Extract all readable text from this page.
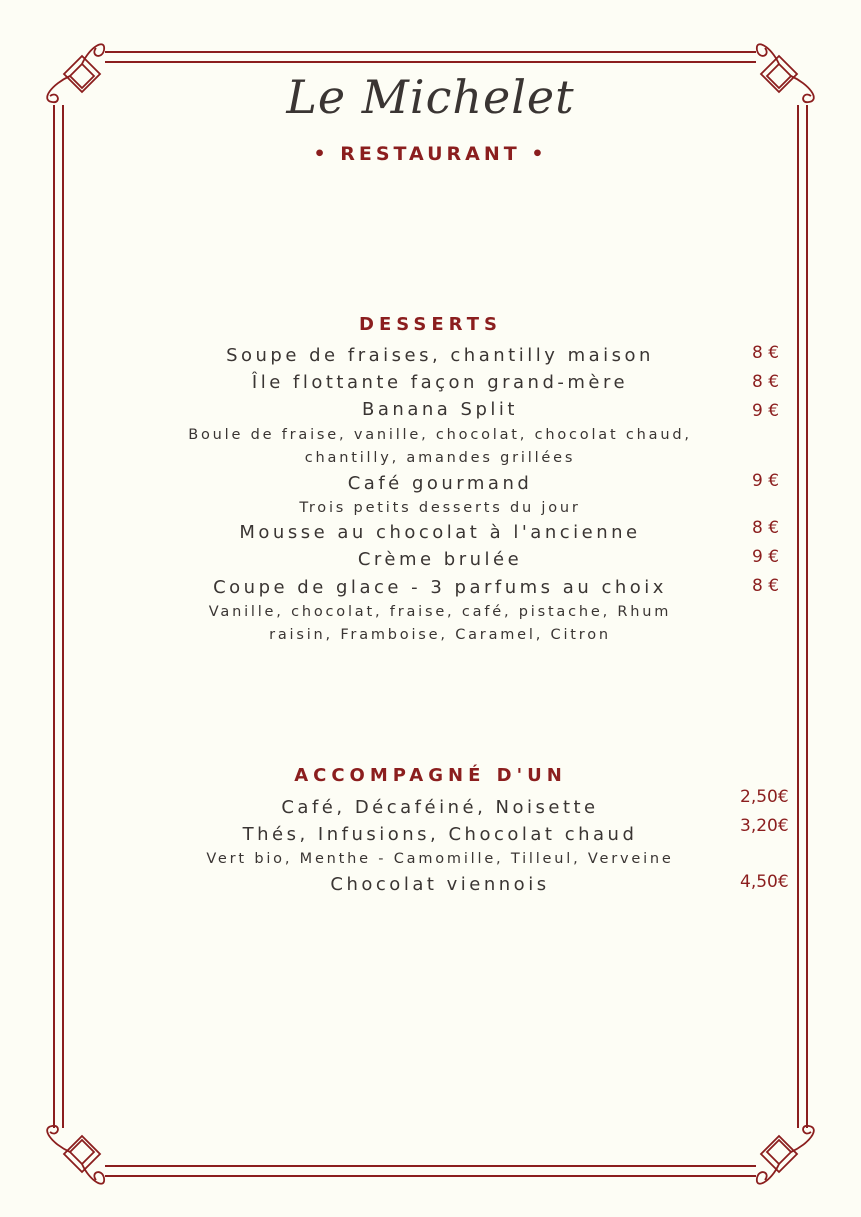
Le Michelet
• RESTAURANT •
DESSERTS
Soupe de fraises, chantilly maison	8 €
Île flottante façon grand-mère	8 €
Banana Split	9 €
Boule de fraise, vanille, chocolat, chocolat chaud,
chantilly, amandes grillées
Café gourmand	9 €
Trois petits desserts du jour
Mousse au chocolat à l'ancienne	8 €
Crème brulée	9 €
Coupe de glace - 3 parfums au choix	8 €
Vanille, chocolat, fraise, café, pistache, Rhum
raisin, Framboise, Caramel, Citron
ACCOMPAGNÉ D'UN
Café, Décaféiné, Noisette	2,50€
Thés, Infusions, Chocolat chaud	3,20€
Vert bio, Menthe - Camomille, Tilleul, Verveine
Chocolat viennois	4,50€
